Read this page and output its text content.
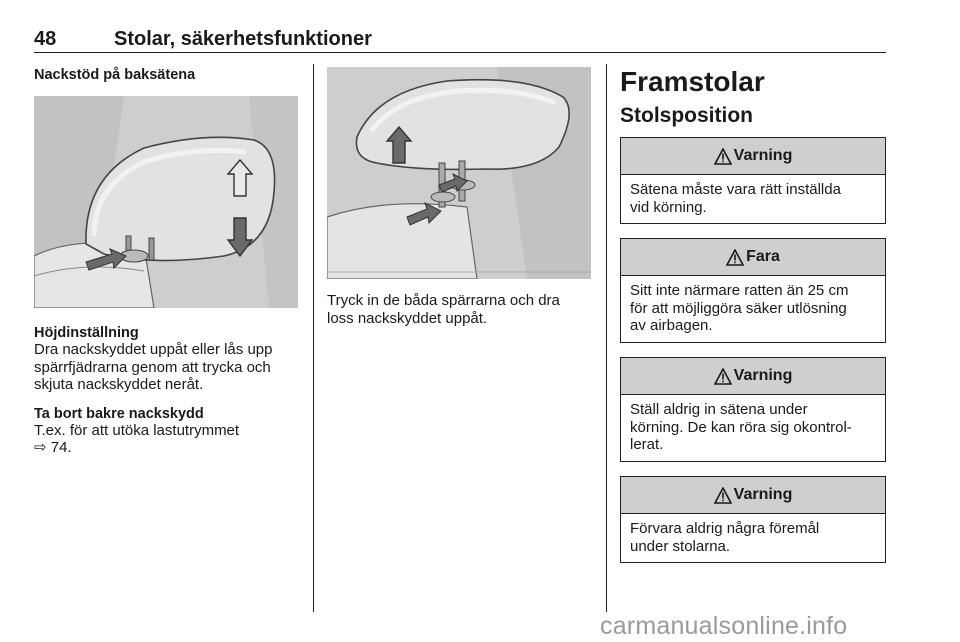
48	Stolar, säkerhetsfunktioner

Nackstöd på baksätena

Höjdinställning

Dra nackskyddet uppåt eller lås upp
spärrfjädrarna genom att trycka och
skjuta nackskyddet neråt.

Ta bort bakre nackskydd

T.ex. för att utöka lastutrymmet
⇨ 74.

Tryck in de båda spärrarna och dra
loss nackskyddet uppåt.

Framstolar

Stolsposition

Varning
Sätena måste vara rätt inställda
vid körning.
Fara
Sitt inte närmare ratten än 25 cm
för att möjliggöra säker utlösning
av airbagen.
Varning
Ställ aldrig in sätena under
körning. De kan röra sig okontrol-
lerat.
Varning
Förvara aldrig några föremål
under stolarna.
carmanualsonline.info
